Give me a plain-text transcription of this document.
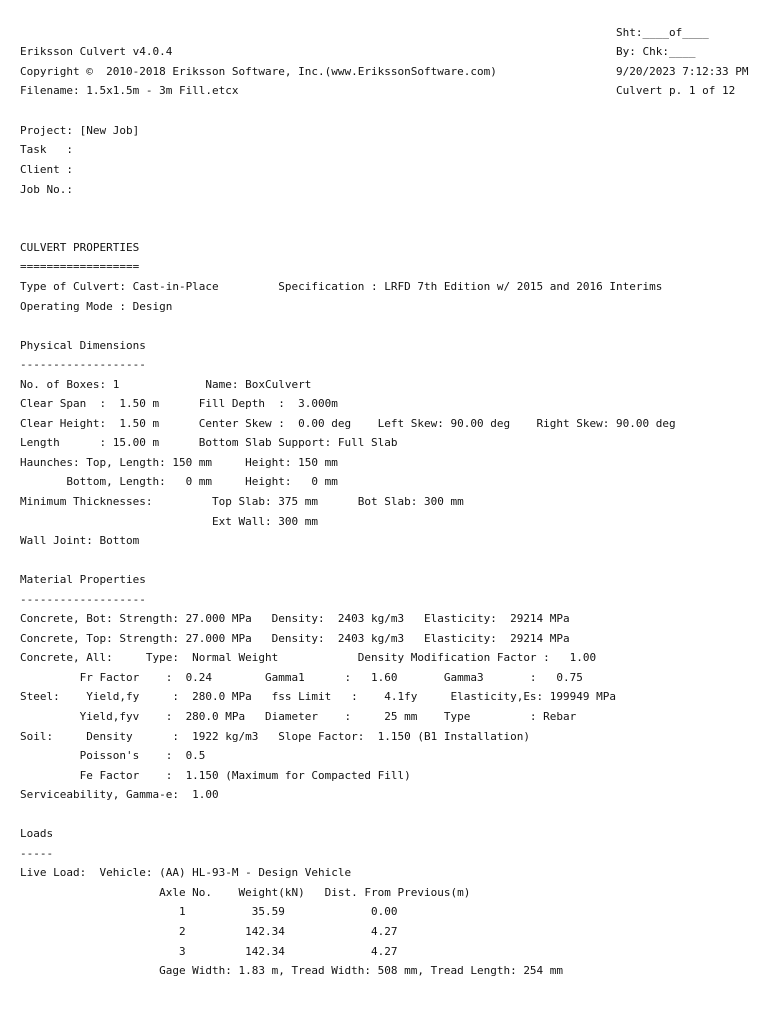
Sht:____of____
By: Chk:____
9/20/2023 7:12:33 PM
Culvert p. 1 of 12
Eriksson Culvert v4.0.4
Copyright ©  2010-2018 Eriksson Software, Inc.(www.ErikssonSoftware.com)
Filename: 1.5x1.5m - 3m Fill.etcx
Project: [New Job]
Task   :
Client :
Job No.:
CULVERT PROPERTIES
==================
Type of Culvert: Cast-in-Place         Specification : LRFD 7th Edition w/ 2015 and 2016 Interims
Operating Mode : Design
Physical Dimensions
-------------------
No. of Boxes: 1             Name: BoxCulvert
Clear Span  :  1.50 m      Fill Depth  :  3.000m
Clear Height:  1.50 m      Center Skew :  0.00 deg    Left Skew: 90.00 deg    Right Skew: 90.00 deg
Length      : 15.00 m      Bottom Slab Support: Full Slab
Haunches: Top, Length: 150 mm     Height: 150 mm
Bottom, Length:   0 mm     Height:   0 mm
Minimum Thicknesses:         Top Slab: 375 mm      Bot Slab: 300 mm
Ext Wall: 300 mm
Wall Joint: Bottom
Material Properties
-------------------
Concrete, Bot: Strength: 27.000 MPa   Density:  2403 kg/m3   Elasticity:  29214 MPa
Concrete, Top: Strength: 27.000 MPa   Density:  2403 kg/m3   Elasticity:  29214 MPa
Concrete, All:     Type:  Normal Weight            Density Modification Factor :   1.00
Fr Factor    :  0.24        Gamma1      :   1.60       Gamma3       :   0.75
Steel:    Yield,fy     :  280.0 MPa   fss Limit   :    4.1fy     Elasticity,Es: 199949 MPa
Yield,fyv    :  280.0 MPa   Diameter    :     25 mm    Type         : Rebar
Soil:     Density      :  1922 kg/m3   Slope Factor:  1.150 (B1 Installation)
Poisson's    :  0.5
Fe Factor    :  1.150 (Maximum for Compacted Fill)
Serviceability, Gamma-e:  1.00
Loads
-----
Live Load:  Vehicle: (AA) HL-93-M - Design Vehicle
Axle No.    Weight(kN)   Dist. From Previous(m)
1          35.59             0.00
2         142.34             4.27
3         142.34             4.27
Gage Width: 1.83 m, Tread Width: 508 mm, Tread Length: 254 mm
